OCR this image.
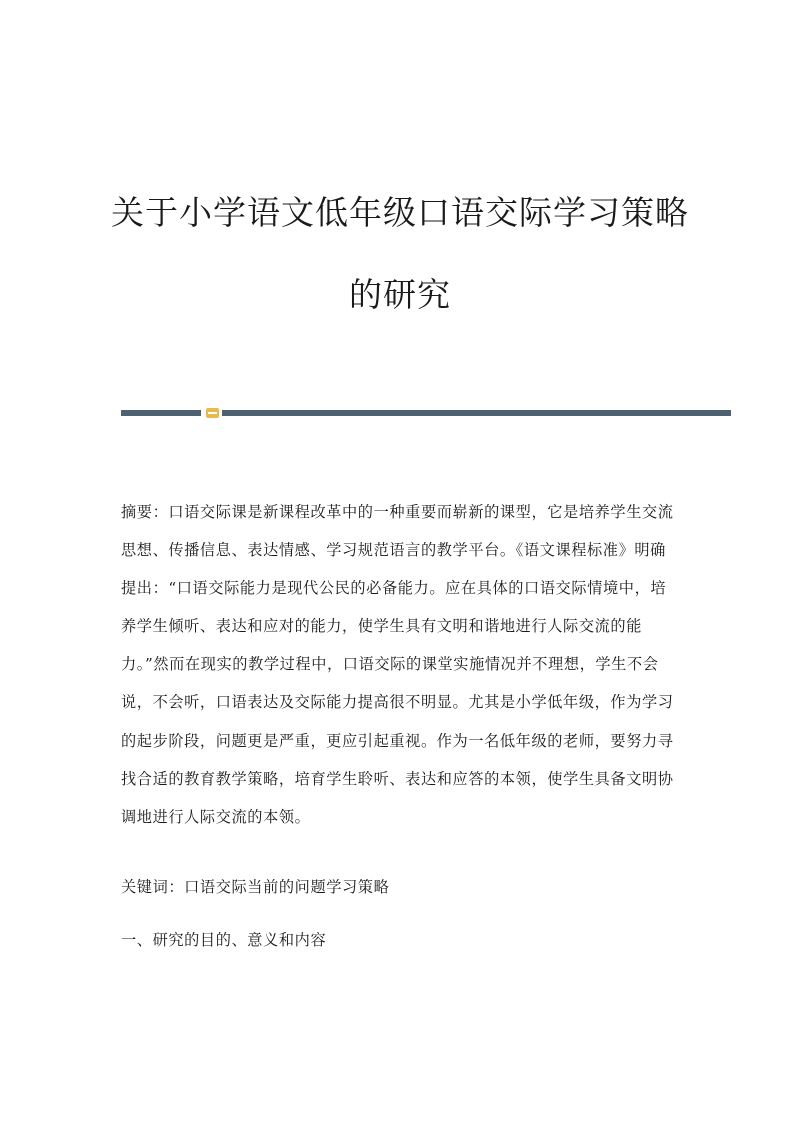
关于小学语文低年级口语交际学习策略
的研究

摘要：口语交际课是新课程改革中的一种重要而崭新的课型，它是培养学生交流思想、传播信息、表达情感、学习规范语言的教学平台。《语文课程标准》明确提出：“口语交际能力是现代公民的必备能力。应在具体的口语交际情境中，培养学生倾听、表达和应对的能力，使学生具有文明和谐地进行人际交流的能力。”然而在现实的教学过程中，口语交际的课堂实施情况并不理想，学生不会说，不会听，口语表达及交际能力提高很不明显。尤其是小学低年级，作为学习的起步阶段，问题更是严重，更应引起重视。作为一名低年级的老师，要努力寻找合适的教育教学策略，培育学生聆听、表达和应答的本领，使学生具备文明协调地进行人际交流的本领。

关键词：口语交际当前的问题学习策略

一、研究的目的、意义和内容
